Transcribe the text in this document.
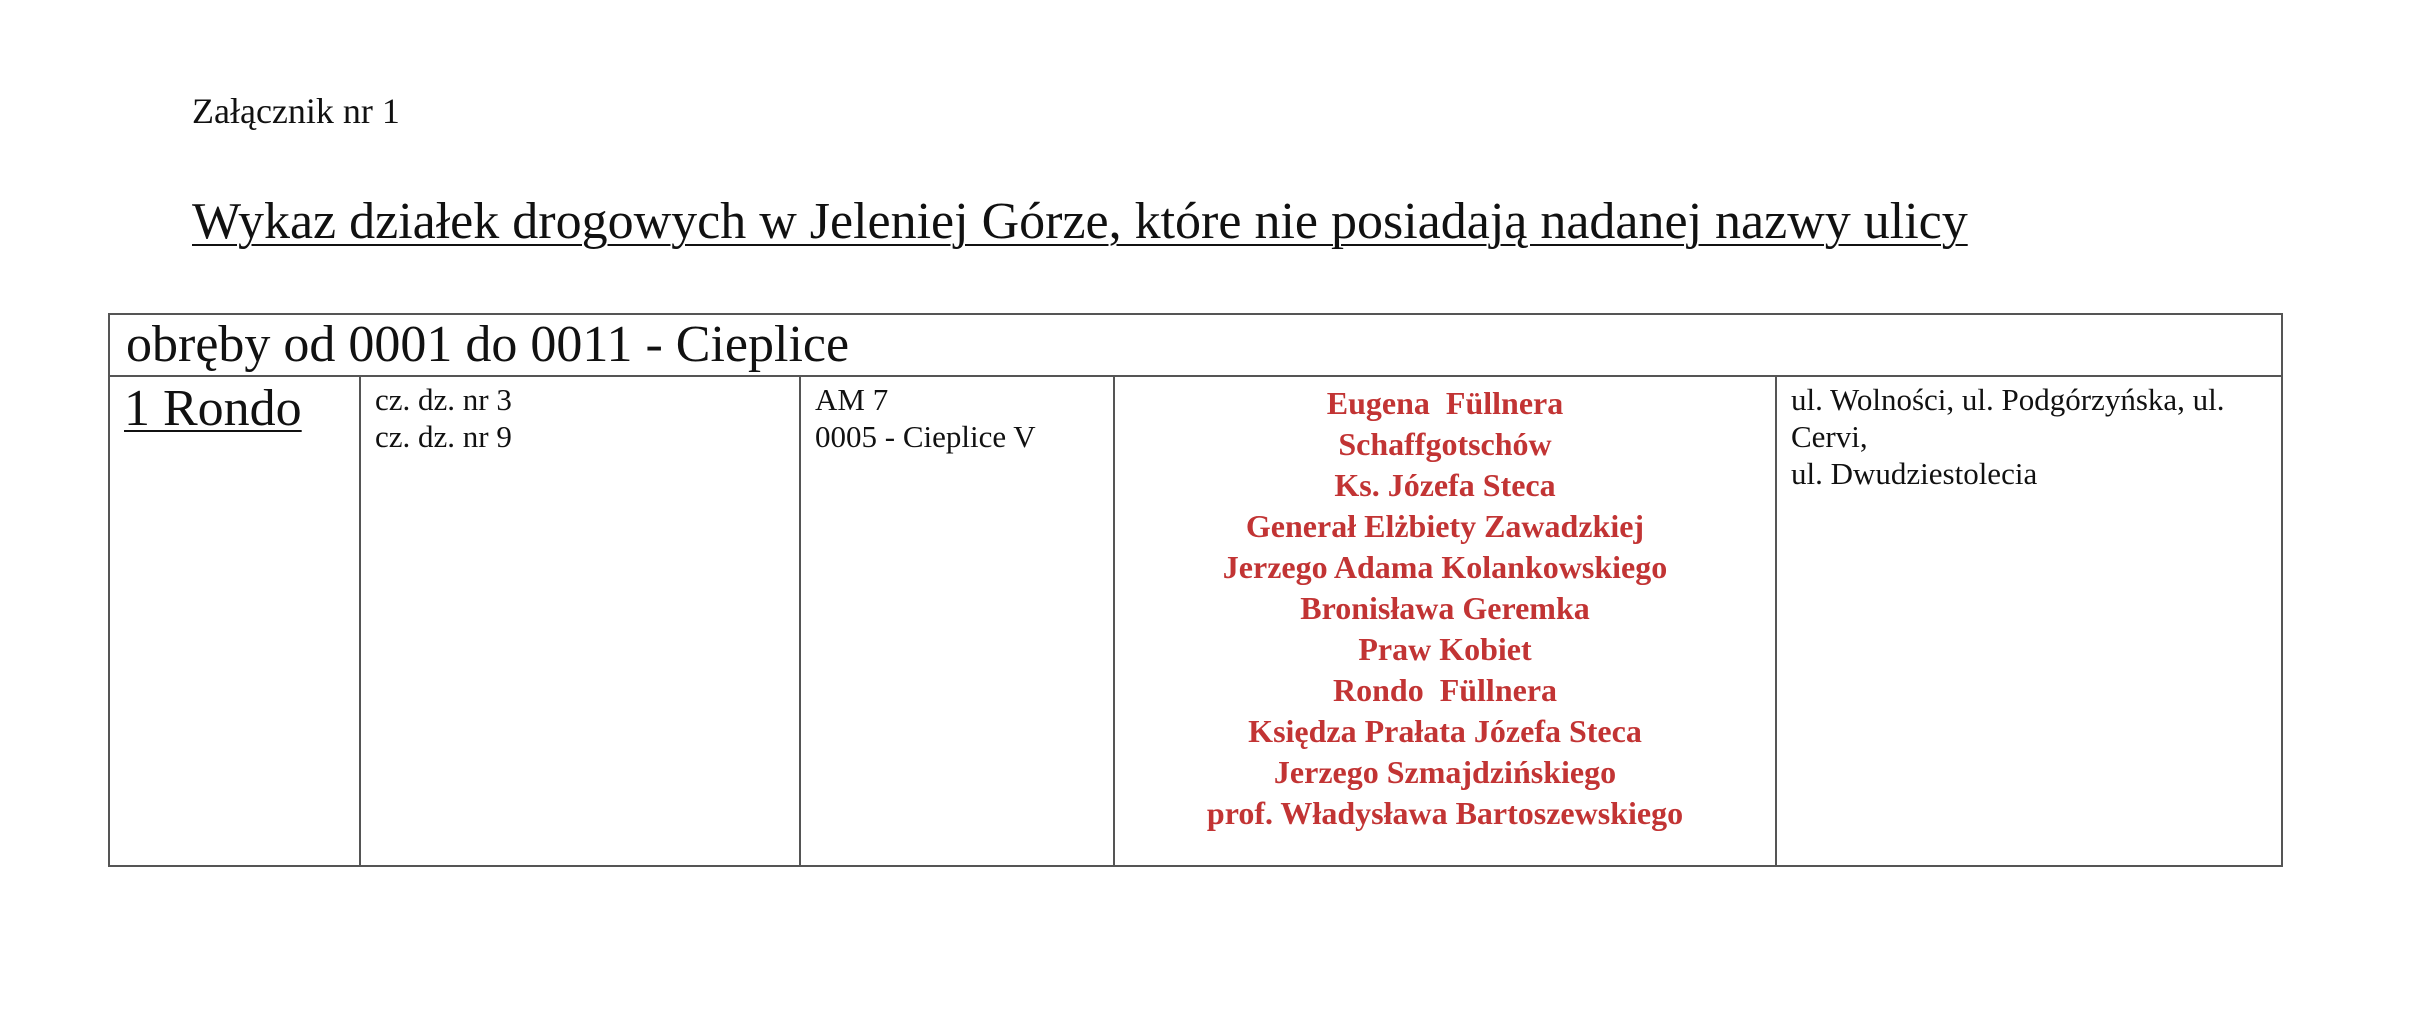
Załącznik nr 1
Wykaz działek drogowych w Jeleniej Górze, które nie posiadają nadanej nazwy ulicy
obręby od 0001 do 0011 - Cieplice
1 Rondo	cz. dz. nr 3
cz. dz. nr 9
AM 7
0005 - Cieplice V
Eugena  Füllnera
Schaffgotschów
Ks. Józefa Steca
Generał Elżbiety Zawadzkiej
Jerzego Adama Kolankowskiego
Bronisława Geremka
Praw Kobiet
Rondo  Füllnera
Księdza Prałata Józefa Steca
Jerzego Szmajdzińskiego
prof. Władysława Bartoszewskiego
ul. Wolności, ul. Podgórzyńska, ul. Cervi,
ul. Dwudziestolecia
